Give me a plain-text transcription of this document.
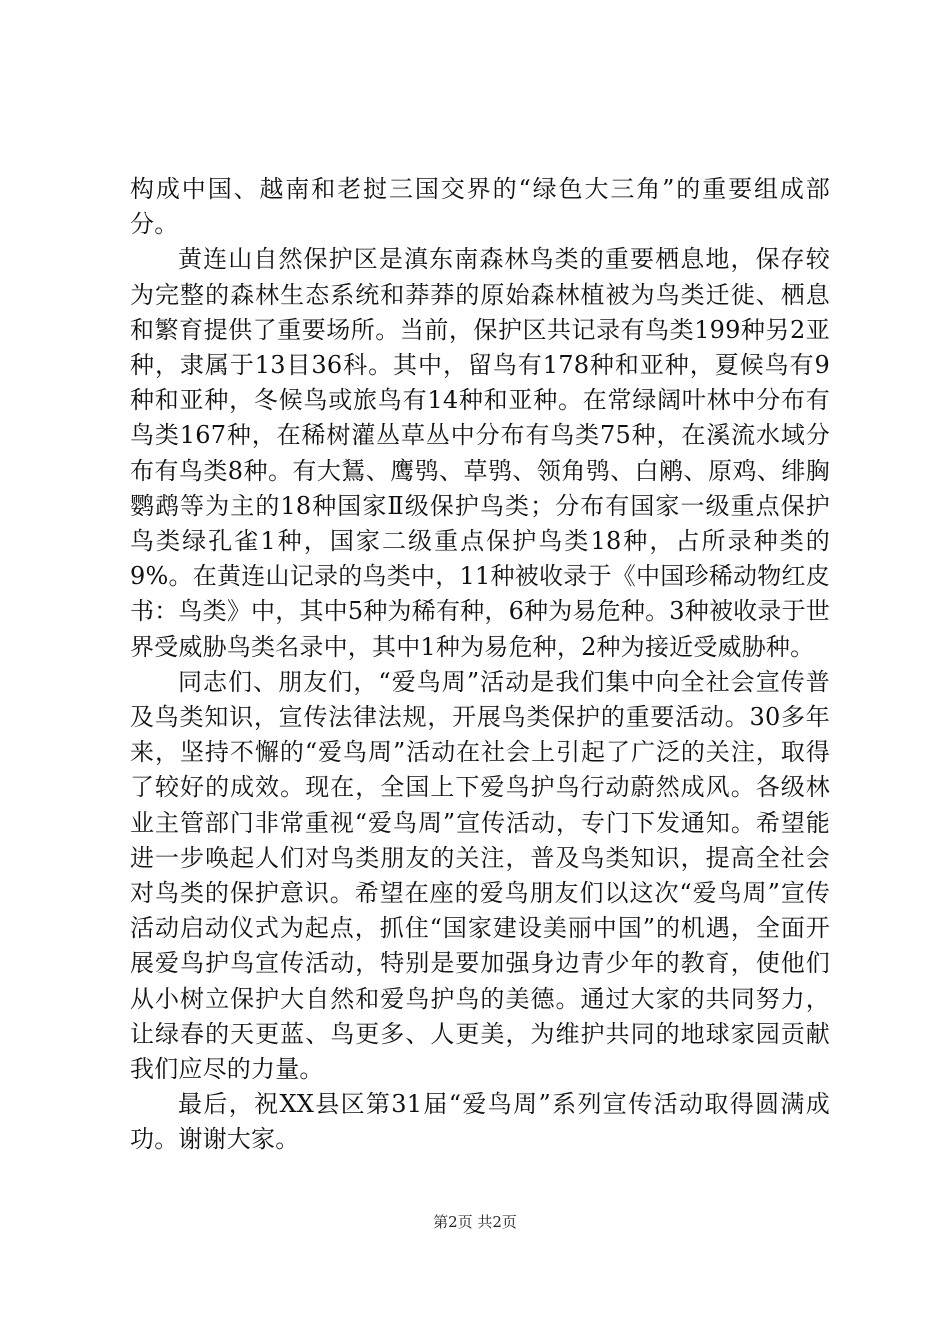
构成中国、越南和老挝三国交界的“绿色大三角”的重要组成部分。

黄连山自然保护区是滇东南森林鸟类的重要栖息地，保存较为完整的森林生态系统和莽莽的原始森林植被为鸟类迁徙、栖息和繁育提供了重要场所。当前，保护区共记录有鸟类199种另2亚种，隶属于13目36科。其中，留鸟有178种和亚种，夏候鸟有9种和亚种，冬候鸟或旅鸟有14种和亚种。在常绿阔叶林中分布有鸟类167种，在稀树灌丛草丛中分布有鸟类75种，在溪流水域分布有鸟类8种。有大鵟、鹰鸮、草鸮、领角鸮、白鹇、原鸡、绯胸鹦鹉等为主的18种国家Ⅱ级保护鸟类；分布有国家一级重点保护鸟类绿孔雀1种，国家二级重点保护鸟类18种，占所录种类的9%。在黄连山记录的鸟类中，11种被收录于《中国珍稀动物红皮书：鸟类》中，其中5种为稀有种，6种为易危种。3种被收录于世界受威胁鸟类名录中，其中1种为易危种，2种为接近受威胁种。

同志们、朋友们，“爱鸟周”活动是我们集中向全社会宣传普及鸟类知识，宣传法律法规，开展鸟类保护的重要活动。30多年来，坚持不懈的“爱鸟周”活动在社会上引起了广泛的关注，取得了较好的成效。现在，全国上下爱鸟护鸟行动蔚然成风。各级林业主管部门非常重视“爱鸟周”宣传活动，专门下发通知。希望能进一步唤起人们对鸟类朋友的关注，普及鸟类知识，提高全社会对鸟类的保护意识。希望在座的爱鸟朋友们以这次“爱鸟周”宣传活动启动仪式为起点，抓住“国家建设美丽中国”的机遇，全面开展爱鸟护鸟宣传活动，特别是要加强身边青少年的教育，使他们从小树立保护大自然和爱鸟护鸟的美德。通过大家的共同努力，让绿春的天更蓝、鸟更多、人更美，为维护共同的地球家园贡献我们应尽的力量。

最后，祝XX县区第31届“爱鸟周”系列宣传活动取得圆满成功。谢谢大家。

第2页 共2页
